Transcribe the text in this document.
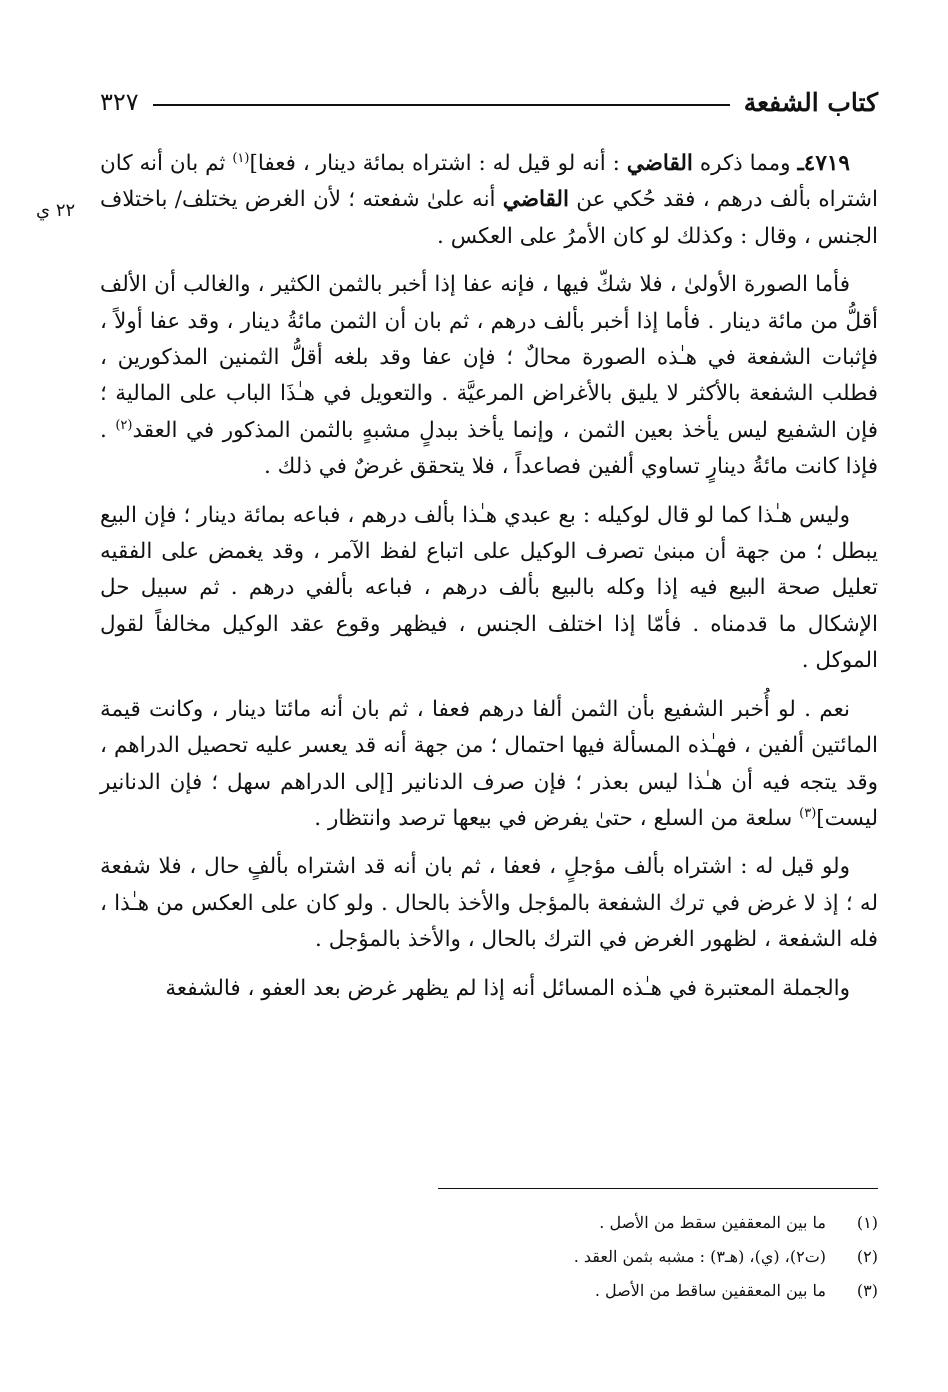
كتاب الشفعة
٣٢٧
٢٢ ي

٤٧١٩ـ ومما ذكره القاضي : أنه لو قيل له : اشتراه بمائة دينار ، فعفا]$^{(١)}$ ثم بان أنه كان اشتراه بألف درهم ، فقد حُكي عن القاضي أنه علىٰ شفعته ؛ لأن الغرض يختلف/ باختلاف الجنس ، وقال : وكذلك لو كان الأمرُ على العكس .

فأما الصورة الأولىٰ ، فلا شكّ فيها ، فإنه عفا إذا أخبر بالثمن الكثير ، والغالب أن الألف أقلُّ من مائة دينار . فأما إذا أخبر بألف درهم ، ثم بان أن الثمن مائةُ دينار ، وقد عفا أولاً ، فإثبات الشفعة في هـٰذه الصورة محالٌ ؛ فإن عفا وقد بلغه أقلُّ الثمنين المذكورين ، فطلب الشفعة بالأكثر لا يليق بالأغراض المرعيَّة . والتعويل في هـٰذَا الباب على المالية ؛ فإن الشفيع ليس يأخذ بعين الثمن ، وإنما يأخذ ببدلٍ مشبهٍ بالثمن المذكور في العقد$^{(٢)}$ . فإذا كانت مائةُ دينارٍ تساوي ألفين فصاعداً ، فلا يتحقق غرضٌ في ذلك .

وليس هـٰذا كما لو قال لوكيله : بع عبدي هـٰذا بألف درهم ، فباعه بمائة دينار ؛ فإن البيع يبطل ؛ من جهة أن مبنىٰ تصرف الوكيل على اتباع لفظ الآمر ، وقد يغمض على الفقيه تعليل صحة البيع فيه إذا وكله بالبيع بألف درهم ، فباعه بألفي درهم . ثم سبيل حل الإشكال ما قدمناه . فأمّا إذا اختلف الجنس ، فيظهر وقوع عقد الوكيل مخالفاً لقول الموكل .

نعم . لو أُخبر الشفيع بأن الثمن ألفا درهم فعفا ، ثم بان أنه مائتا دينار ، وكانت قيمة المائتين ألفين ، فهـٰذه المسألة فيها احتمال ؛ من جهة أنه قد يعسر عليه تحصيل الدراهم ، وقد يتجه فيه أن هـٰذا ليس بعذر ؛ فإن صرف الدنانير [إلى الدراهم سهل ؛ فإن الدنانير ليست]$^{(٣)}$ سلعة من السلع ، حتىٰ يفرض في بيعها ترصد وانتظار .

ولو قيل له : اشتراه بألف مؤجلٍ ، فعفا ، ثم بان أنه قد اشتراه بألفٍ حال ، فلا شفعة له ؛ إذ لا غرض في ترك الشفعة بالمؤجل والأخذ بالحال . ولو كان على العكس من هـٰذا ، فله الشفعة ، لظهور الغرض في الترك بالحال ، والأخذ بالمؤجل .

والجملة المعتبرة في هـٰذه المسائل أنه إذا لم يظهر غرض بعد العفو ، فالشفعة

(١)
ما بين المعقفين سقط من الأصل .
(٢)
(ت٢)، (ي)، (هـ٣) : مشبه بثمن العقد .
(٣)
ما بين المعقفين ساقط من الأصل .
